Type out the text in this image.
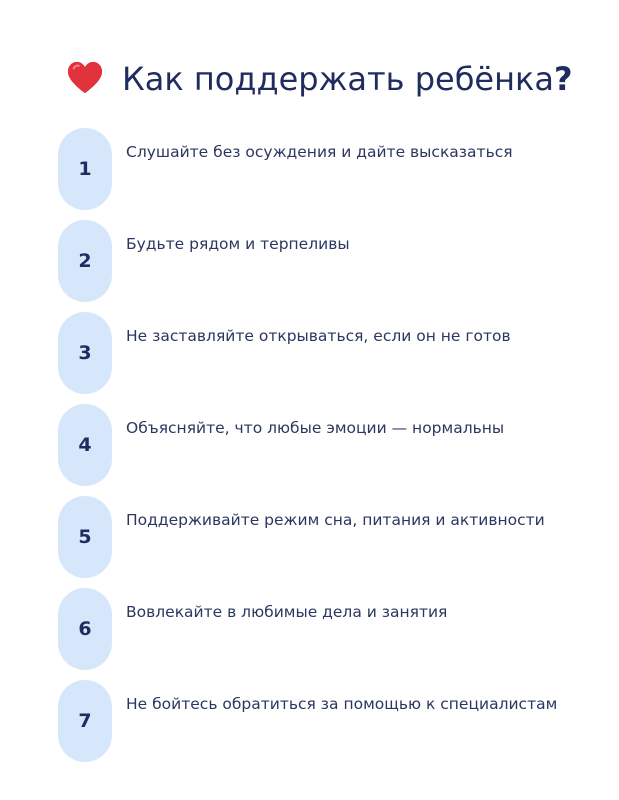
Как поддержать ребёнка?
1
Слушайте без осуждения и дайте высказаться
2
Будьте рядом и терпеливы
3
Не заставляйте открываться, если он не готов
4
Объясняйте, что любые эмоции — нормальны
5
Поддерживайте режим сна, питания и активности
6
Вовлекайте в любимые дела и занятия
7
Не бойтесь обратиться за помощью к специалистам
